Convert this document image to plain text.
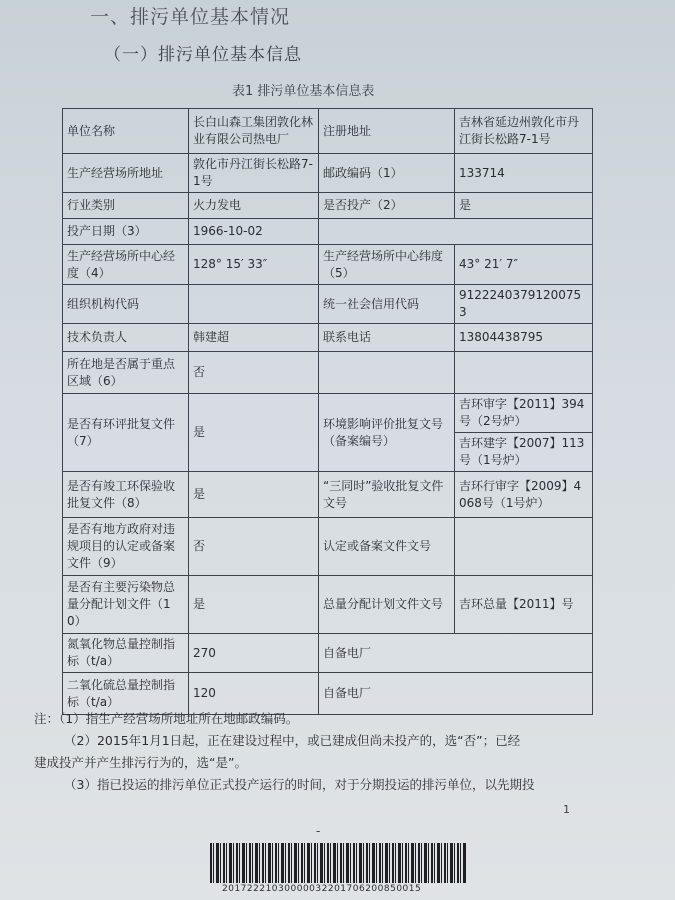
一、排污单位基本情况
（一）排污单位基本信息
表1 排污单位基本信息表
单位名称	长白山森工集团敦化林业有限公司热电厂	注册地址	吉林省延边州敦化市丹江街长松路7-1号
生产经营场所地址	敦化市丹江街长松路7-1号	邮政编码（1）	133714
行业类别	火力发电	是否投产（2）	是
投产日期（3）	1966-10-02		
生产经营场所中心经度（4）	128° 15′ 33″	生产经营场所中心纬度（5）	43° 21′ 7″
组织机构代码		统一社会信用代码	91222403791200753
技术负责人	韩建超	联系电话	13804438795
所在地是否属于重点区域（6）	否		
是否有环评批复文件（7）	是	环境影响评价批复文号（备案编号）	吉环审字【2011】394号（2号炉）
			吉环建字【2007】113号（1号炉）
是否有竣工环保验收批复文件（8）	是	“三同时”验收批复文件文号	吉环行审字【2009】4068号（1号炉）
是否有地方政府对违规项目的认定或备案文件（9）	否	认定或备案文件文号	
是否有主要污染物总量分配计划文件（10）	是	总量分配计划文件文号	吉环总量【2011】号
氮氧化物总量控制指标（t/a）	270	自备电厂	
二氧化硫总量控制指标（t/a）	120	自备电厂	

注：（1）指生产经营场所地址所在地邮政编码。

（2）2015年1月1日起，正在建设过程中，或已建成但尚未投产的，选“否”；已经

建成投产并产生排污行为的，选“是”。

（3）指已投运的排污单位正式投产运行的时间，对于分期投运的排污单位，以先期投

1
-
20172221030000032201706200850015
